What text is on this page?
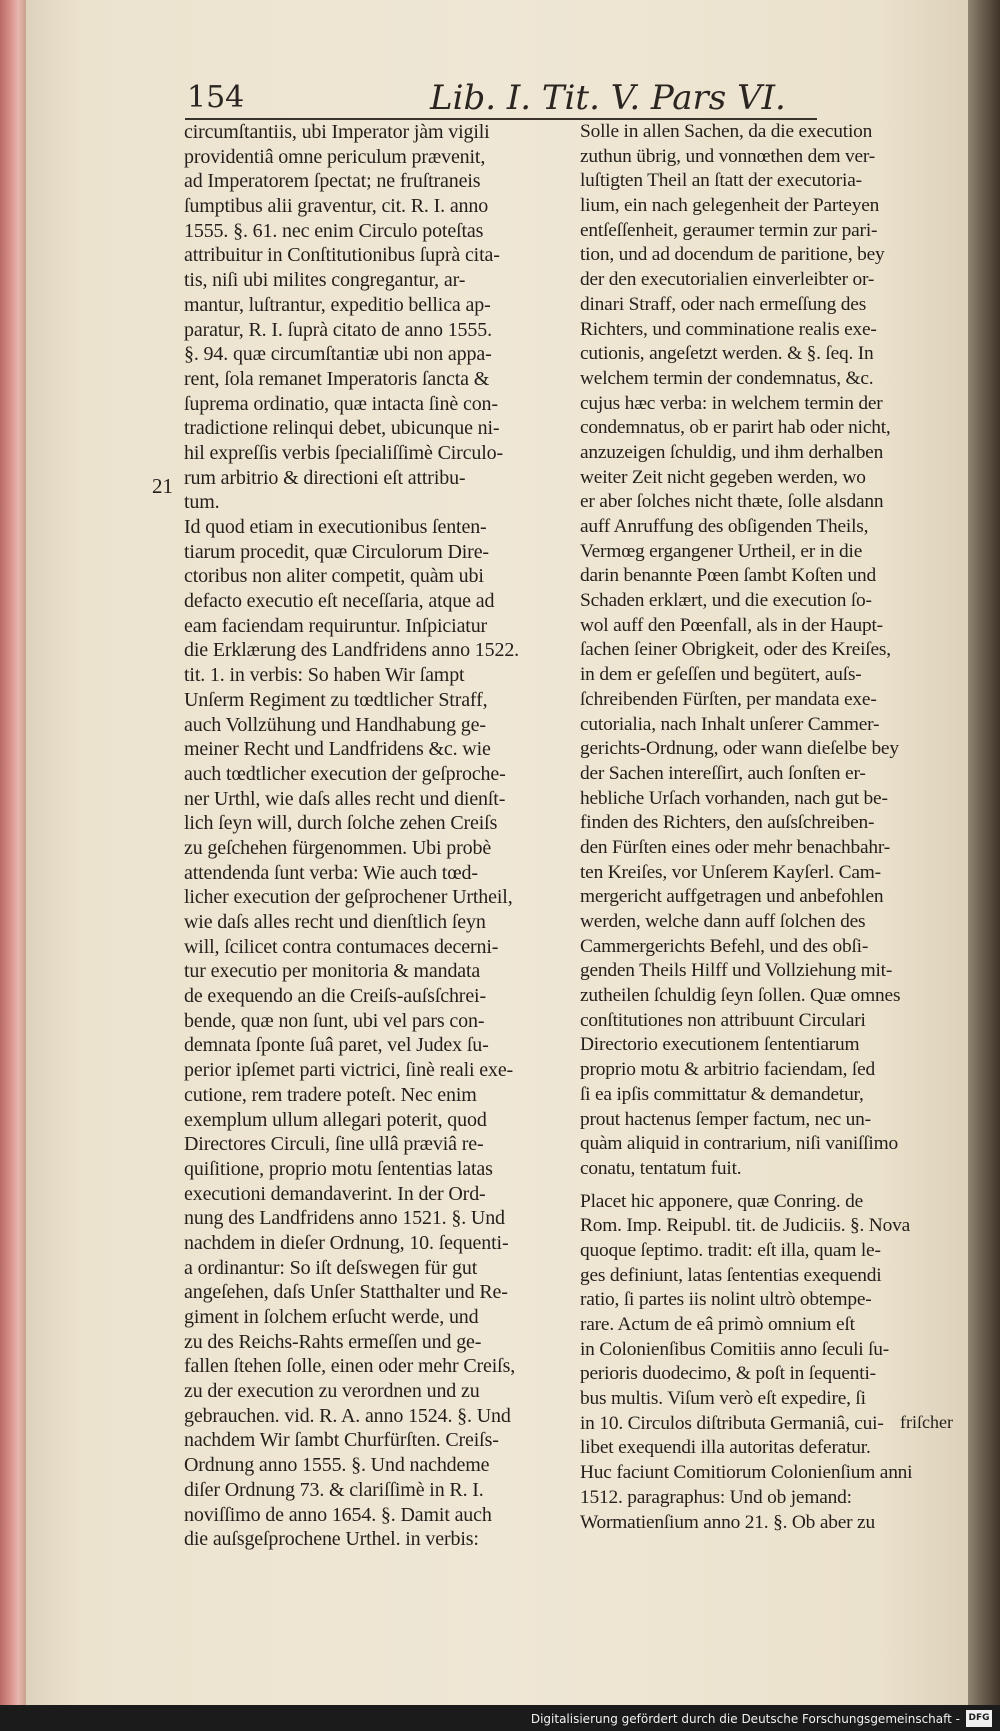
154	Lib. I. Tit. V. Pars VI.
21
circumſtantiis, ubi Imperator jàm vigili
providentiâ omne periculum prævenit,
ad Imperatorem ſpectat; ne fruſtraneis
ſumptibus alii graventur, cit. R. I. anno
1555. §. 61. nec enim Circulo poteſtas
attribuitur in Conſtitutionibus ſuprà cita-
tis, niſi ubi milites congregantur, ar-
mantur, luſtrantur, expeditio bellica ap-
paratur, R. I. ſuprà citato de anno 1555.
§. 94. quæ circumſtantiæ ubi non appa-
rent, ſola remanet Imperatoris ſancta &
ſuprema ordinatio, quæ intacta ſinè con-
tradictione relinqui debet, ubicunque ni-
hil expreſſis verbis ſpecialiſſimè Circulo-
rum arbitrio & directioni eſt attribu-
tum.
Id quod etiam in executionibus ſenten-
tiarum procedit, quæ Circulorum Dire-
ctoribus non aliter competit, quàm ubi
defacto executio eſt neceſſaria, atque ad
eam faciendam requiruntur. Inſpiciatur
die Erklærung des Landfridens anno 1522.
tit. 1. in verbis: So haben Wir ſampt
Unſerm Regiment zu tœdtlicher Straff,
auch Vollzühung und Handhabung ge-
meiner Recht und Landfridens &c. wie
auch tœdtlicher execution der geſproche-
ner Urthl, wie daſs alles recht und dienſt-
lich ſeyn will, durch ſolche zehen Creiſs
zu geſchehen fürgenommen. Ubi probè
attendenda ſunt verba: Wie auch tœd-
licher execution der geſprochener Urtheil,
wie daſs alles recht und dienſtlich ſeyn
will, ſcilicet contra contumaces decerni-
tur executio per monitoria & mandata
de exequendo an die Creiſs-auſsſchrei-
bende, quæ non ſunt, ubi vel pars con-
demnata ſponte ſuâ paret, vel Judex ſu-
perior ipſemet parti victrici, ſinè reali exe-
cutione, rem tradere poteſt. Nec enim
exemplum ullum allegari poterit, quod
Directores Circuli, ſine ullâ præviâ re-
quiſitione, proprio motu ſententias latas
executioni demandaverint. In der Ord-
nung des Landfridens anno 1521. §. Und
nachdem in dieſer Ordnung, 10. ſequenti-
a ordinantur: So iſt deſswegen für gut
angeſehen, daſs Unſer Statthalter und Re-
giment in ſolchem erſucht werde, und
zu des Reichs-Rahts ermeſſen und ge-
fallen ſtehen ſolle, einen oder mehr Creiſs,
zu der execution zu verordnen und zu
gebrauchen. vid. R. A. anno 1524. §. Und
nachdem Wir ſambt Churfürſten. Creiſs-
Ordnung anno 1555. §. Und nachdeme
diſer Ordnung 73. & clariſſimè in R. I.
noviſſimo de anno 1654. §. Damit auch
die auſsgeſprochene Urthel. in verbis:
Solle in allen Sachen, da die execution
zuthun übrig, und vonnœthen dem ver-
luſtigten Theil an ſtatt der executoria-
lium, ein nach gelegenheit der Parteyen
entſeſſenheit, geraumer termin zur pari-
tion, und ad docendum de paritione, bey
der den executorialien einverleibter or-
dinari Straff, oder nach ermeſſung des
Richters, und comminatione realis exe-
cutionis, angeſetzt werden. & §. ſeq. In
welchem termin der condemnatus, &c.
cujus hæc verba: in welchem termin der
condemnatus, ob er parirt hab oder nicht,
anzuzeigen ſchuldig, und ihm derhalben
weiter Zeit nicht gegeben werden, wo
er aber ſolches nicht thæte, ſolle alsdann
auff Anruffung des obſigenden Theils,
Vermœg ergangener Urtheil, er in die
darin benannte Pœen ſambt Koſten und
Schaden erklært, und die execution ſo-
wol auff den Pœenfall, als in der Haupt-
ſachen ſeiner Obrigkeit, oder des Kreiſes,
in dem er geſeſſen und begütert, auſs-
ſchreibenden Fürſten, per mandata exe-
cutorialia, nach Inhalt unſerer Cammer-
gerichts-Ordnung, oder wann dieſelbe bey
der Sachen intereſſirt, auch ſonſten er-
hebliche Urſach vorhanden, nach gut be-
finden des Richters, den auſsſchreiben-
den Fürſten eines oder mehr benachbahr-
ten Kreiſes, vor Unſerem Kayſerl. Cam-
mergericht auffgetragen und anbefohlen
werden, welche dann auff ſolchen des
Cammergerichts Befehl, und des obſi-
genden Theils Hilff und Vollziehung mit-
zutheilen ſchuldig ſeyn ſollen. Quæ omnes
conſtitutiones non attribuunt Circulari
Directorio executionem ſententiarum
proprio motu & arbitrio faciendam, ſed
ſi ea ipſis committatur & demandetur,
prout hactenus ſemper factum, nec un-
quàm aliquid in contrarium, niſi vaniſſimo
conatu, tentatum fuit.
Placet hic apponere, quæ Conring. de
Rom. Imp. Reipubl. tit. de Judiciis. §. Nova
quoque ſeptimo. tradit: eſt illa, quam le-
ges definiunt, latas ſententias exequendi
ratio, ſi partes iis nolint ultrò obtempe-
rare. Actum de eâ primò omnium eſt
in Colonienſibus Comitiis anno ſeculi ſu-
perioris duodecimo, & poſt in ſequenti-
bus multis. Viſum verò eſt expedire, ſi
in 10. Circulos diſtributa Germaniâ, cui-
libet exequendi illa autoritas deferatur.
Huc faciunt Comitiorum Colonienſium anni
1512. paragraphus: Und ob jemand:
Wormatienſium anno 21. §. Ob aber zu
friſcher
Digitalisierung gefördert durch die Deutsche Forschungsgemeinschaft - DFG
